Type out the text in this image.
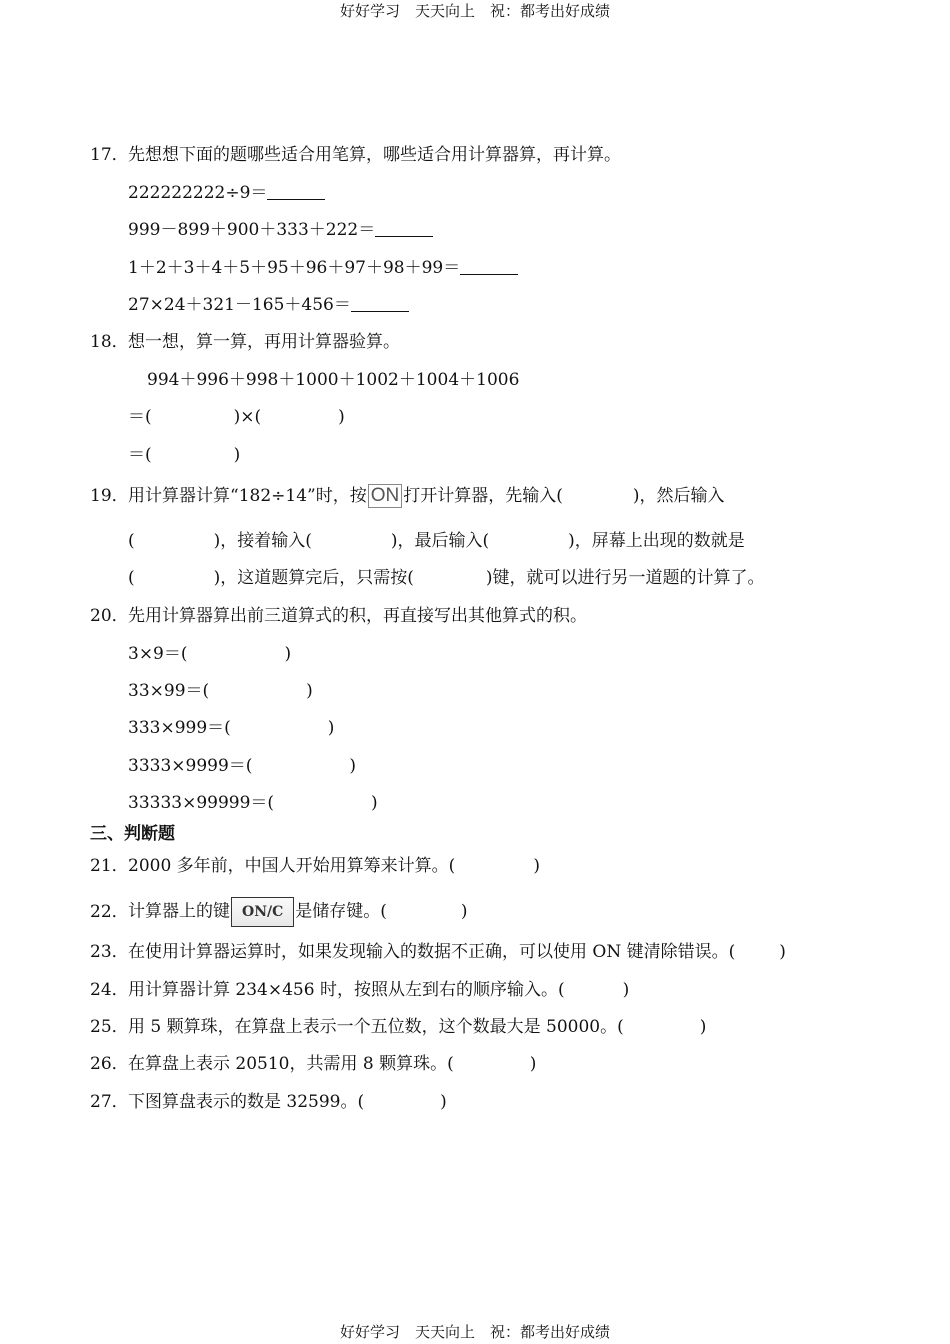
好好学习　天天向上　祝：都考出好成绩
17．先想想下面的题哪些适合用笔算，哪些适合用计算器算，再计算。
222222222÷9＝
999－899＋900＋333＋222＝
1＋2＋3＋4＋5＋95＋96＋97＋98＋99＝
27×24＋321－165＋456＝
18．想一想，算一算，再用计算器验算。
994＋996＋998＋1000＋1002＋1004＋1006
＝(	)×(	)
＝(	)
19．用计算器计算“182÷14”时，按 ON 打开计算器，先输入(	)，然后输入
(	)，接着输入(	)，最后输入(	)，屏幕上出现的数就是
(	)，这道题算完后，只需按(	)键，就可以进行另一道题的计算了。
20．先用计算器算出前三道算式的积，再直接写出其他算式的积。
3×9＝(	)
33×99＝(	)
333×999＝(	)
3333×9999＝(	)
33333×99999＝(	)
三、判断题
21．2000 多年前，中国人开始用算筹来计算。(	)
22．计算器上的键 ON/C 是储存键。(	)
23．在使用计算器运算时，如果发现输入的数据不正确，可以使用 ON 键清除错误。(	)
24．用计算器计算 234×456 时，按照从左到右的顺序输入。(	)
25．用 5 颗算珠，在算盘上表示一个五位数，这个数最大是 50000。(	)
26．在算盘上表示 20510，共需用 8 颗算珠。(	)
27．下图算盘表示的数是 32599。(	)
好好学习　天天向上　祝：都考出好成绩
